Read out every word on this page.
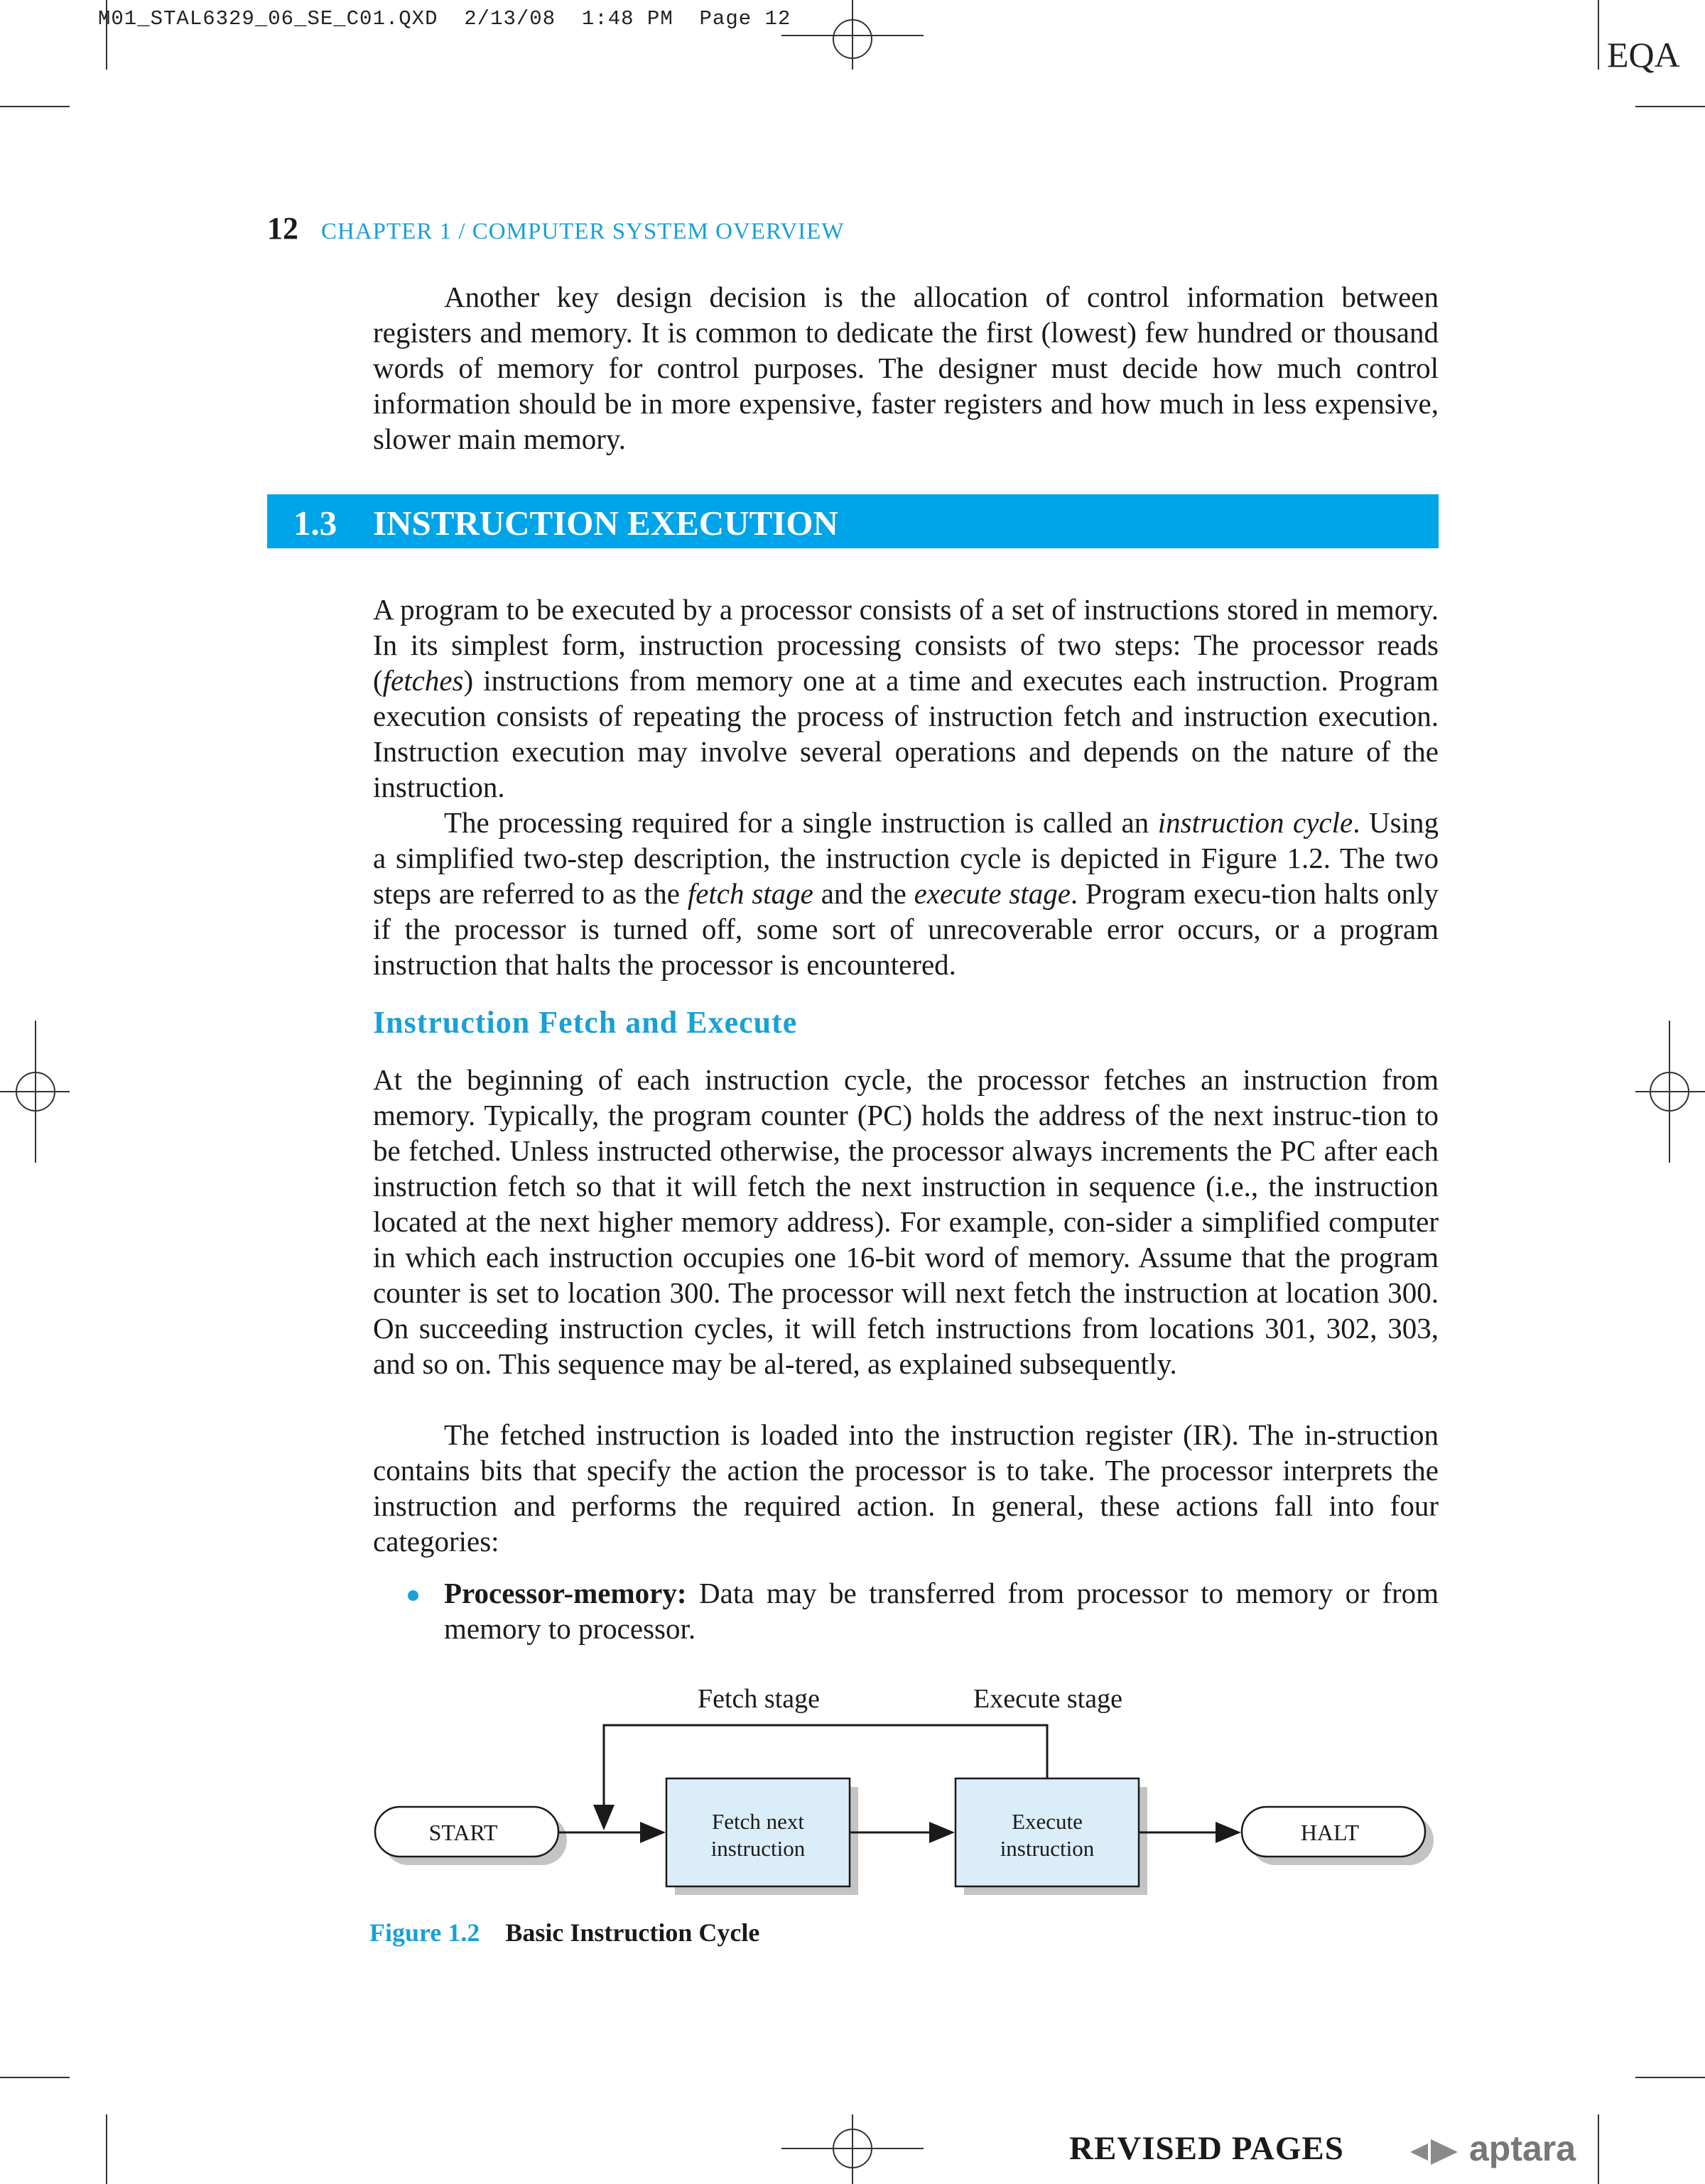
M01_STAL6329_06_SE_C01.QXD  2/13/08  1:48 PM  Page 12
EQA
12 CHAPTER 1 / COMPUTER SYSTEM OVERVIEW

Another key design decision is the allocation of control information between registers and memory. It is common to dedicate the first (lowest) few hundred or thousand words of memory for control purposes. The designer must decide how much control information should be in more expensive, faster registers and how much in less expensive, slower main memory.

1.3 INSTRUCTION EXECUTION

A program to be executed by a processor consists of a set of instructions stored in memory. In its simplest form, instruction processing consists of two steps: The processor reads (fetches) instructions from memory one at a time and executes each instruction. Program execution consists of repeating the process of instruction fetch and instruction execution. Instruction execution may involve several operations and depends on the nature of the instruction.

The processing required for a single instruction is called an instruction cycle. Using a simplified two-step description, the instruction cycle is depicted in Figure 1.2. The two steps are referred to as the fetch stage and the execute stage. Program execu-tion halts only if the processor is turned off, some sort of unrecoverable error occurs, or a program instruction that halts the processor is encountered.

Instruction Fetch and Execute

At the beginning of each instruction cycle, the processor fetches an instruction from memory. Typically, the program counter (PC) holds the address of the next instruc-tion to be fetched. Unless instructed otherwise, the processor always increments the PC after each instruction fetch so that it will fetch the next instruction in sequence (i.e., the instruction located at the next higher memory address). For example, con-sider a simplified computer in which each instruction occupies one 16-bit word of memory. Assume that the program counter is set to location 300. The processor will next fetch the instruction at location 300. On succeeding instruction cycles, it will fetch instructions from locations 301, 302, 303, and so on. This sequence may be al-tered, as explained subsequently.

The fetched instruction is loaded into the instruction register (IR). The in-struction contains bits that specify the action the processor is to take. The processor interprets the instruction and performs the required action. In general, these actions fall into four categories:

Processor-memory: Data may be transferred from processor to memory or from memory to processor.

Fetch stage	Execute stage
START	Fetch next
instruction
Execute
instruction
HALT
Figure 1.2 Basic Instruction Cycle
REVISED PAGES	aptara
